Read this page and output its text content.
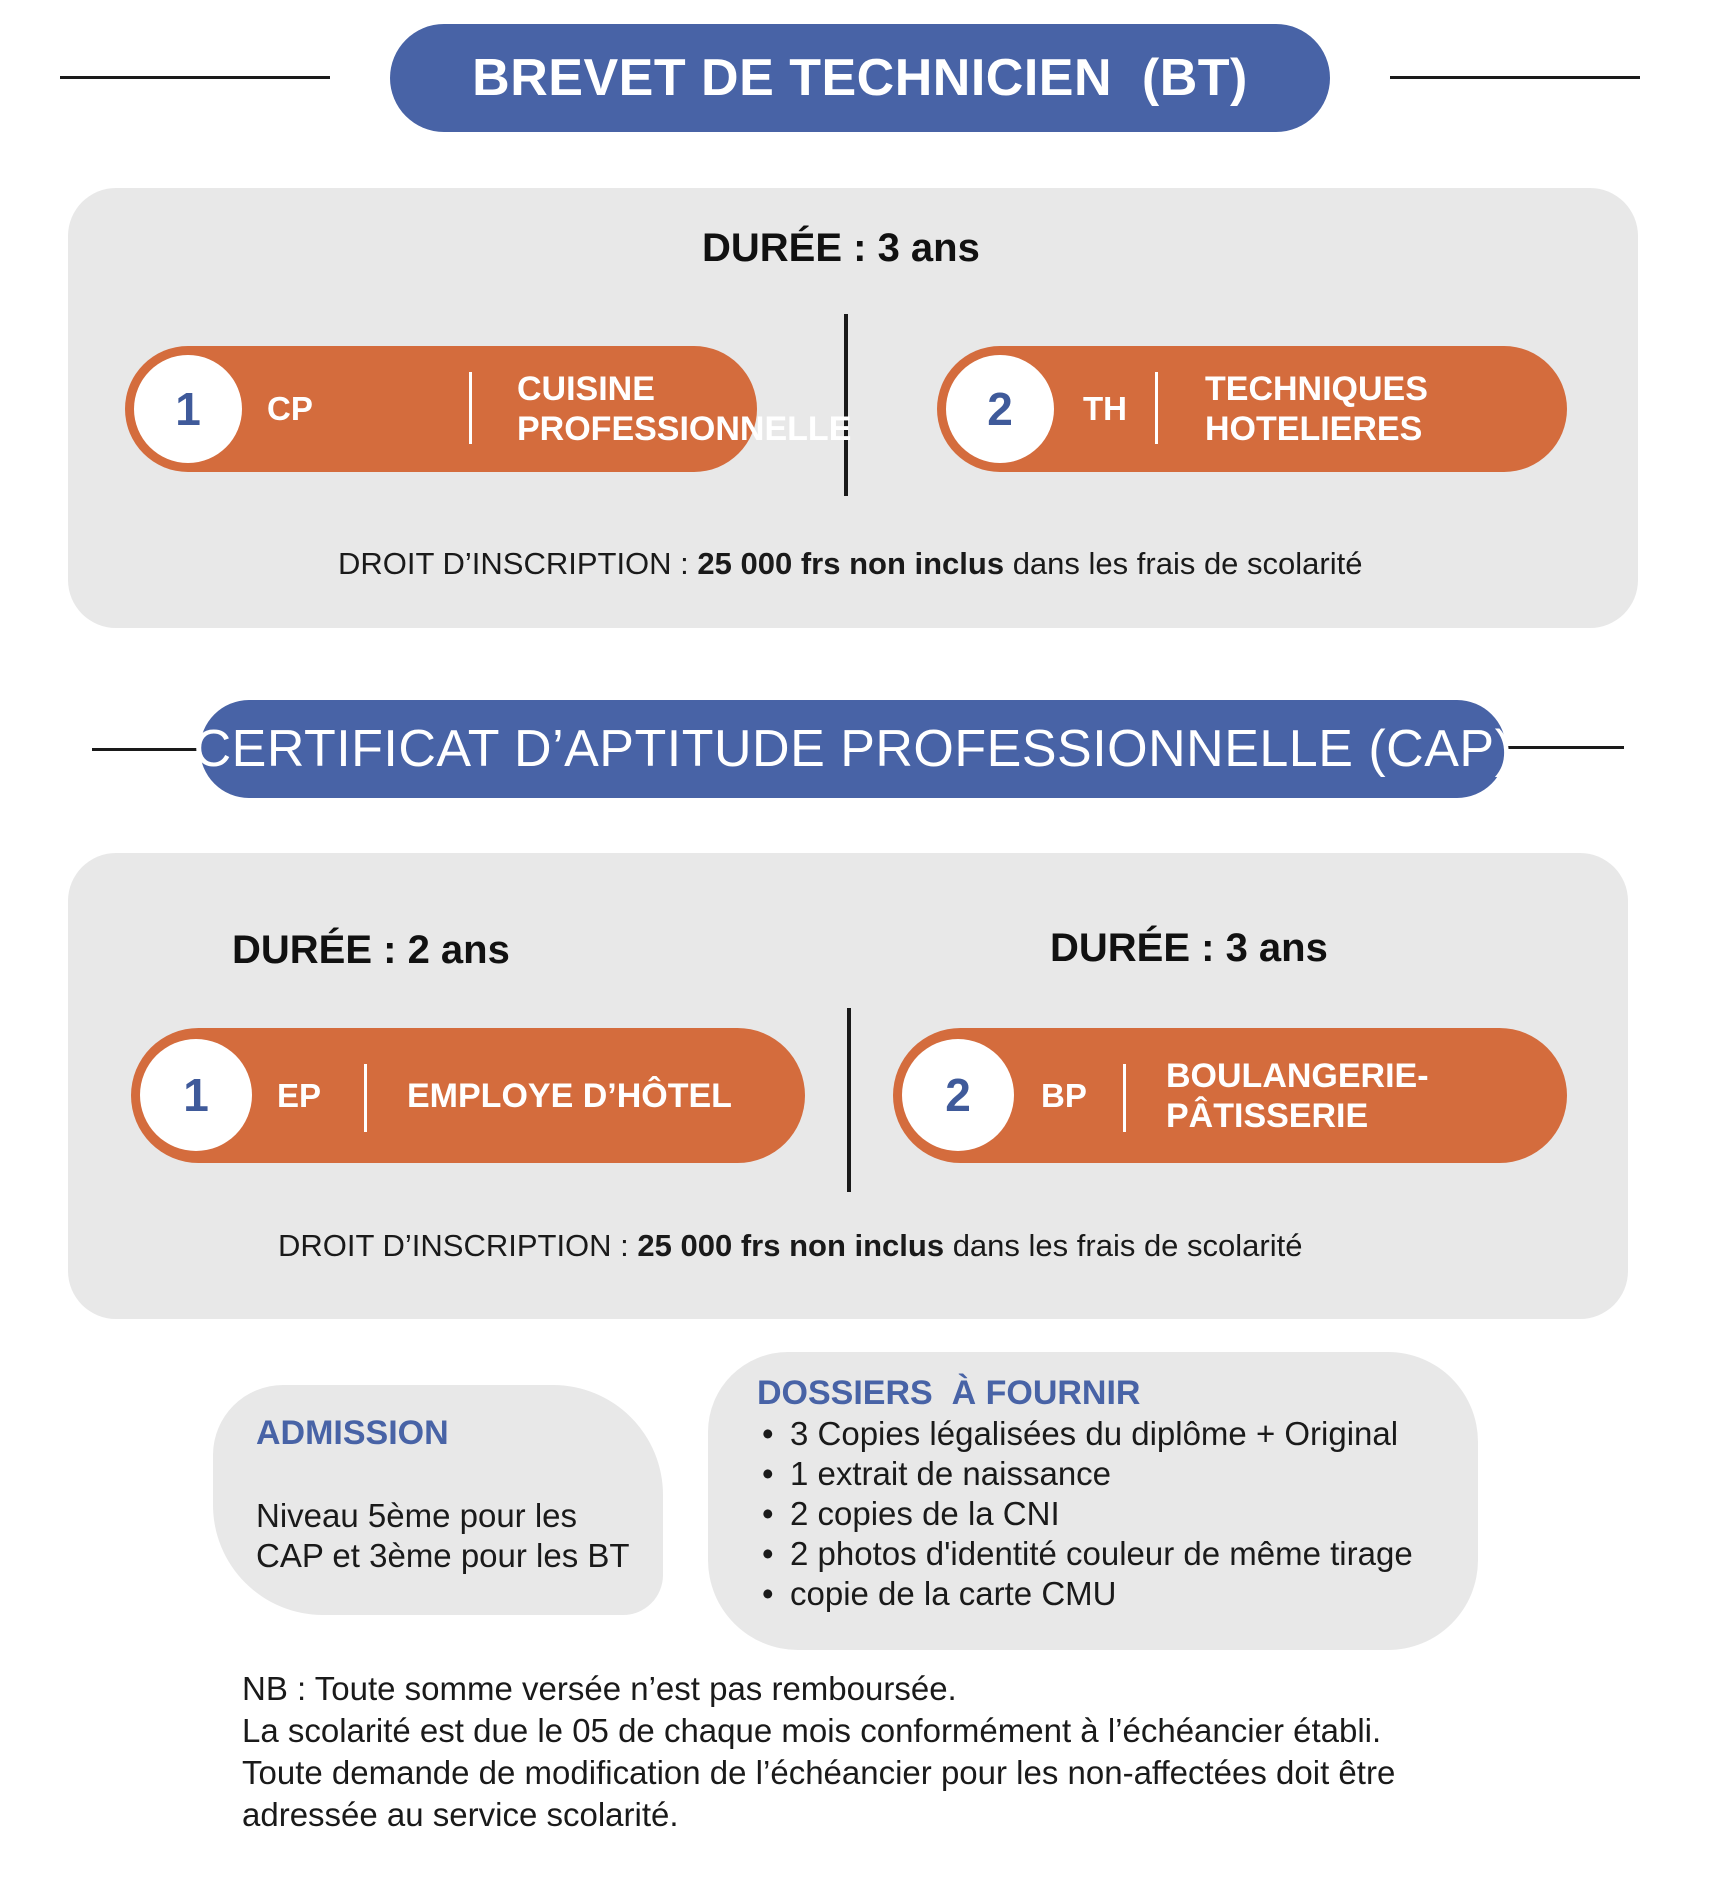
BREVET DE TECHNICIEN  (BT)
DURÉE : 3 ans
1	CP
CUISINE
PROFESSIONNELLE	2	TH
TECHNIQUES
HOTELIERES
DROIT D’INSCRIPTION : 25 000 frs non inclus dans les frais de scolarité
CERTIFICAT D’APTITUDE PROFESSIONNELLE (CAP)
DURÉE : 2 ans	DURÉE : 3 ans
1	EP	EMPLOYE D’HÔTEL	2	BP
BOULANGERIE-
PÂTISSERIE
DROIT D’INSCRIPTION : 25 000 frs non inclus dans les frais de scolarité
ADMISSION
Niveau 5ème pour les
CAP et 3ème pour les BT
DOSSIERS  À FOURNIR
• 3 Copies légalisées du diplôme + Original
• 1 extrait de naissance
• 2 copies de la CNI
• 2 photos d'identité couleur de même tirage
• copie de la carte CMU
NB : Toute somme versée n’est pas remboursée.
La scolarité est due le 05 de chaque mois conformément à l’échéancier établi.
Toute demande de modification de l’échéancier pour les non-affectées doit être
adressée au service scolarité.
